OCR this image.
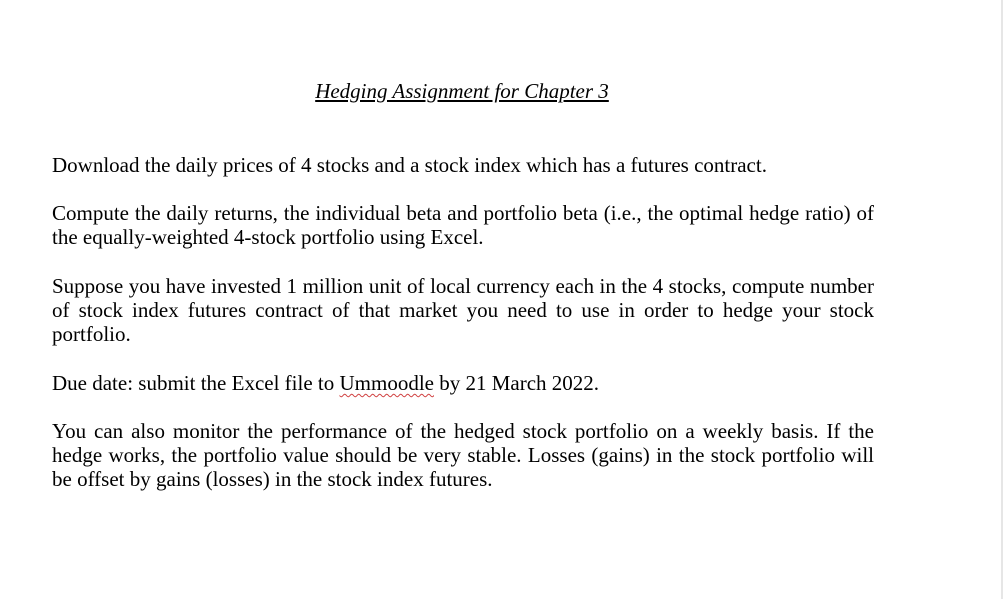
Hedging Assignment for Chapter 3

Download the daily prices of 4 stocks and a stock index which has a futures contract.

Compute the daily returns, the individual beta and portfolio beta (i.e., the optimal hedge ratio) of the equally-weighted 4-stock portfolio using Excel.

Suppose you have invested 1 million unit of local currency each in the 4 stocks, compute number of stock index futures contract of that market you need to use in order to hedge your stock portfolio.

Due date: submit the Excel file to Ummoodle by 21 March 2022.

You can also monitor the performance of the hedged stock portfolio on a weekly basis. If the hedge works, the portfolio value should be very stable. Losses (gains) in the stock portfolio will be offset by gains (losses) in the stock index futures.
